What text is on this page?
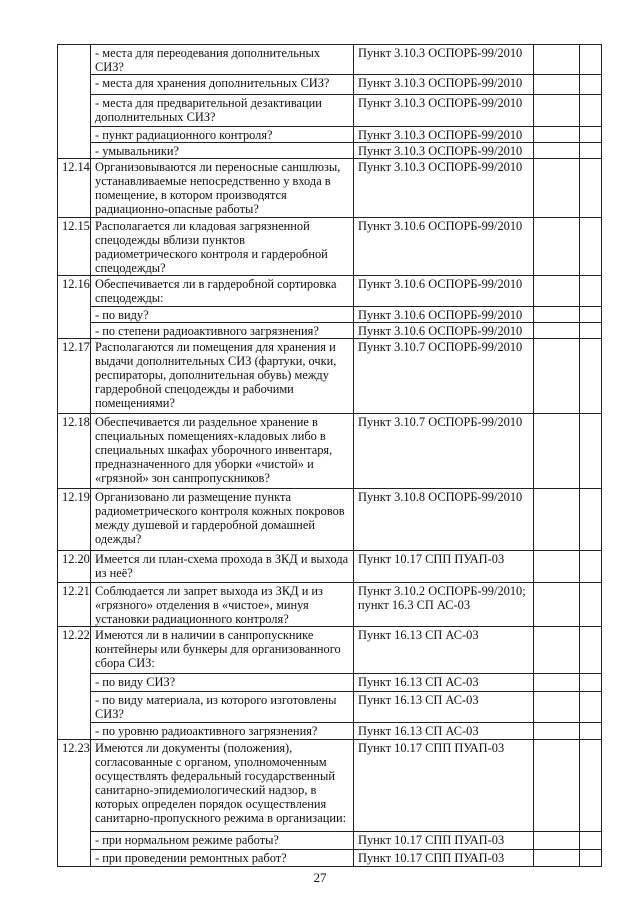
	- места для переодевания дополнительных СИЗ?	Пункт 3.10.3 ОСПОРБ-99/2010		
	- места для хранения дополнительных СИЗ?	Пункт 3.10.3 ОСПОРБ-99/2010		
	- места для предварительной дезактивации дополнительных СИЗ?	Пункт 3.10.3 ОСПОРБ-99/2010		
	- пункт радиационного контроля?	Пункт 3.10.3 ОСПОРБ-99/2010		
	- умывальники?	Пункт 3.10.3 ОСПОРБ-99/2010		
12.14	Организовываются ли переносные саншлюзы, устанавливаемые непосредственно у входа в помещение, в котором производятся радиационно-опасные работы?	Пункт 3.10.3 ОСПОРБ-99/2010		
12.15	Располагается ли кладовая загрязненной спецодежды вблизи пунктов радиометрического контроля и гардеробной спецодежды?	Пункт 3.10.6 ОСПОРБ-99/2010		
12.16	Обеспечивается ли в гардеробной сортировка спецодежды:	Пункт 3.10.6 ОСПОРБ-99/2010		
	- по виду?	Пункт 3.10.6 ОСПОРБ-99/2010		
	- по степени радиоактивного загрязнения?	Пункт 3.10.6 ОСПОРБ-99/2010		
12.17	Располагаются ли помещения для хранения и выдачи дополнительных СИЗ (фартуки, очки, респираторы, дополнительная обувь) между гардеробной спецодежды и рабочими помещениями?	Пункт 3.10.7 ОСПОРБ-99/2010		
12.18	Обеспечивается ли раздельное хранение в специальных помещениях-кладовых либо в специальных шкафах уборочного инвентаря, предназначенного для уборки «чистой» и «грязной» зон санпропускников?	Пункт 3.10.7 ОСПОРБ-99/2010		
12.19	Организовано ли размещение пункта радиометрического контроля кожных покровов между душевой и гардеробной домашней одежды?	Пункт 3.10.8 ОСПОРБ-99/2010		
12.20	Имеется ли план-схема прохода в ЗКД и выхода из неё?	Пункт 10.17 СПП ПУАП-03		
12.21	Соблюдается ли запрет выхода из ЗКД и из «грязного» отделения в «чистое», минуя установки радиационного контроля?	Пункт 3.10.2 ОСПОРБ-99/2010; пункт 16.3 СП АС-03		
12.22	Имеются ли в наличии в санпропускнике контейнеры или бункеры для организованного сбора СИЗ:	Пункт 16.13 СП АС-03		
	- по виду СИЗ?	Пункт 16.13 СП АС-03		
	- по виду материала, из которого изготовлены СИЗ?	Пункт 16.13 СП АС-03		
	- по уровню радиоактивного загрязнения?	Пункт 16.13 СП АС-03		
12.23	Имеются ли документы (положения), согласованные с органом, уполномоченным осуществлять федеральный государственный санитарно-эпидемиологический надзор, в которых определен порядок осуществления санитарно-пропускного режима в организации:	Пункт 10.17 СПП ПУАП-03		
	- при нормальном режиме работы?	Пункт 10.17 СПП ПУАП-03		
	- при проведении ремонтных работ?	Пункт 10.17 СПП ПУАП-03		
27
